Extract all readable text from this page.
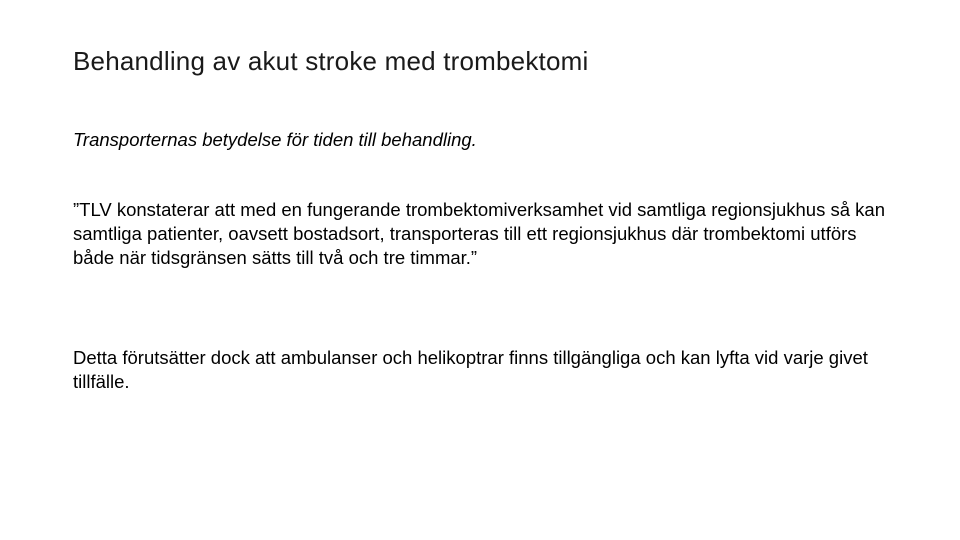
Behandling av akut stroke med trombektomi
Transporternas betydelse för tiden till behandling.
”TLV konstaterar att med en fungerande trombektomiverksamhet vid samtliga regionsjukhus så kan samtliga patienter, oavsett bostadsort, transporteras till ett regionsjukhus där trombektomi utförs både när tidsgränsen sätts till två och tre timmar.”
Detta förutsätter dock att ambulanser och helikoptrar finns tillgängliga och kan lyfta vid varje givet tillfälle.
